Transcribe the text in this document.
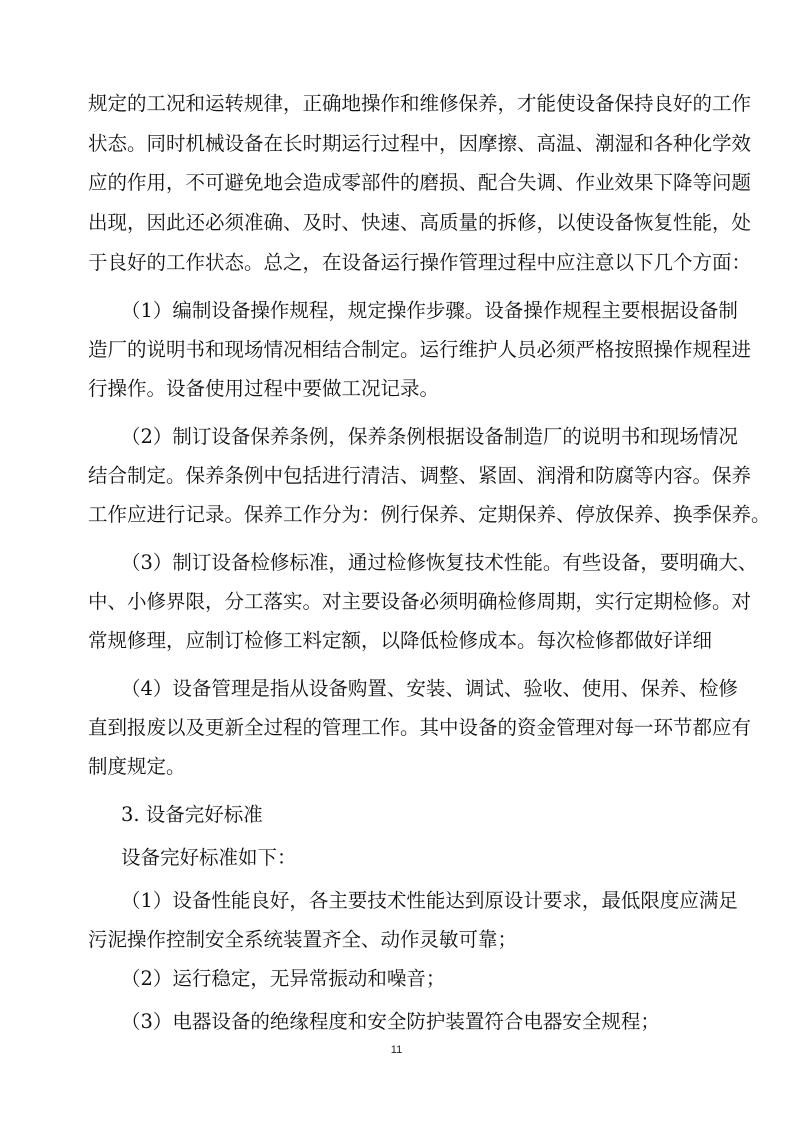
规定的工况和运转规律，正确地操作和维修保养，才能使设备保持良好的工作
状态。同时机械设备在长时期运行过程中，因摩擦、高温、潮湿和各种化学效
应的作用，不可避免地会造成零部件的磨损、配合失调、作业效果下降等问题
出现，因此还必须准确、及时、快速、高质量的拆修，以使设备恢复性能，处
于良好的工作状态。总之，在设备运行操作管理过程中应注意以下几个方面：
（1）编制设备操作规程，规定操作步骤。设备操作规程主要根据设备制
造厂的说明书和现场情况相结合制定。运行维护人员必须严格按照操作规程进
行操作。设备使用过程中要做工况记录。
（2）制订设备保养条例，保养条例根据设备制造厂的说明书和现场情况
结合制定。保养条例中包括进行清洁、调整、紧固、润滑和防腐等内容。保养
工作应进行记录。保养工作分为：例行保养、定期保养、停放保养、换季保养。
（3）制订设备检修标准，通过检修恢复技术性能。有些设备，要明确大、
中、小修界限，分工落实。对主要设备必须明确检修周期，实行定期检修。对
常规修理，应制订检修工料定额，以降低检修成本。每次检修都做好详细
（4）设备管理是指从设备购置、安装、调试、验收、使用、保养、检修
直到报废以及更新全过程的管理工作。其中设备的资金管理对每一环节都应有
制度规定。
3. 设备完好标准
设备完好标准如下：
（1）设备性能良好，各主要技术性能达到原设计要求，最低限度应满足
污泥操作控制安全系统装置齐全、动作灵敏可靠；
（2）运行稳定，无异常振动和噪音；
（3）电器设备的绝缘程度和安全防护装置符合电器安全规程；
11
